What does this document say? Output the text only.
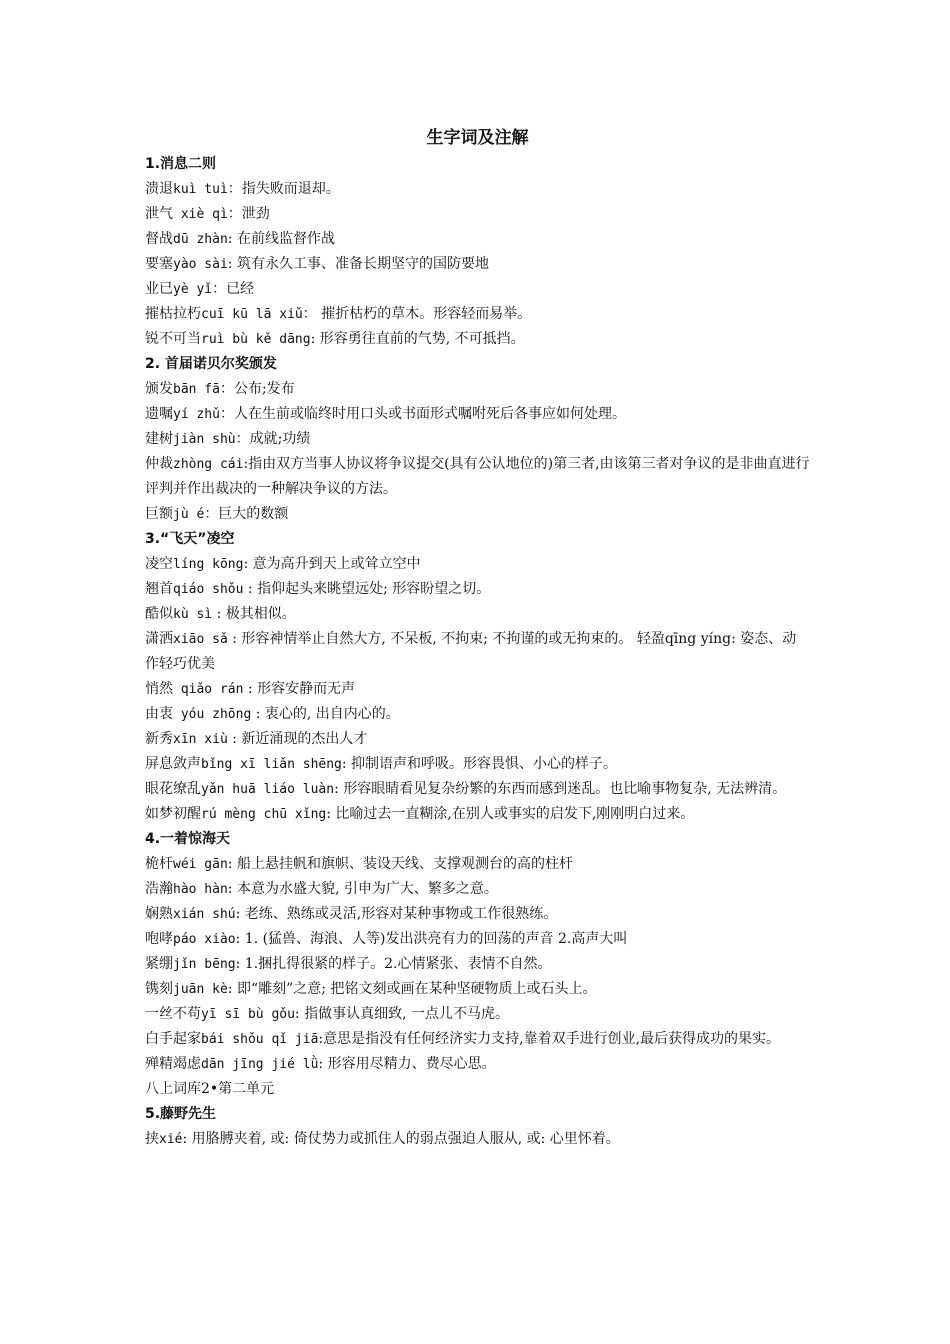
生字词及注解
1.消息二则
溃退kuì tuì：指失败而退却。
泄气 xiè qì：泄劲
督战dū zhàn: 在前线监督作战
要塞yào sài: 筑有永久工事、准备长期坚守的国防要地
业已yè yǐ：已经
摧枯拉朽cuī kū lā xiǔ： 摧折枯朽的草木。形容轻而易举。
锐不可当ruì bù kě dāng: 形容勇往直前的气势, 不可抵挡。
2. 首届诺贝尔奖颁发
颁发bān fā：公布;发布
遗嘱yí zhǔ：人在生前或临终时用口头或书面形式嘱咐死后各事应如何处理。
建树jiàn shù：成就;功绩
仲裁zhòng cái:指由双方当事人协议将争议提交(具有公认地位的)第三者,由该第三者对争议的是非曲直进行评判并作出裁决的一种解决争议的方法。
巨额jù é：巨大的数额
3.“飞天”凌空
凌空líng kōng: 意为高升到天上或耸立空中
翘首qiáo shǒu : 指仰起头来眺望远处; 形容盼望之切。
酷似kù sì : 极其相似。
潇洒xiāo sǎ : 形容神情举止自然大方, 不呆板, 不拘束; 不拘谨的或无拘束的。 轻盈qīng yíng: 姿态、动作轻巧优美
悄然 qiǎo rán : 形容安静而无声
由衷 yóu zhōng : 衷心的, 出自内心的。
新秀xīn xiù : 新近涌现的杰出人才
屏息敛声bǐng xī liǎn shēng: 抑制语声和呼吸。形容畏惧、小心的样子。
眼花缭乱yǎn huā liáo luàn: 形容眼睛看见复杂纷繁的东西而感到迷乱。也比喻事物复杂, 无法辨清。
如梦初醒rú mèng chū xǐng: 比喻过去一直糊涂,在别人或事实的启发下,刚刚明白过来。
4.一着惊海天
桅杆wéi gān: 船上悬挂帆和旗帜、装设天线、支撑观测台的高的柱杆
浩瀚hào hàn: 本意为水盛大貌, 引申为广大、繁多之意。
娴熟xián shú: 老练、熟练或灵活,形容对某种事物或工作很熟练。
咆哮páo xiào: 1. (猛兽、海浪、人等)发出洪亮有力的回荡的声音 2.高声大叫
紧绷jǐn bēng: 1.捆扎得很紧的样子。2.心情紧张、表情不自然。
镌刻juān kè: 即“雕刻”之意; 把铭文刻或画在某种坚硬物质上或石头上。
一丝不苟yī sī bù gǒu: 指做事认真细致, 一点儿不马虎。
白手起家bái shǒu qǐ jiā:意思是指没有任何经济实力支持,靠着双手进行创业,最后获得成功的果实。
殚精竭虑dān jīng jié lǜ: 形容用尽精力、费尽心思。
八上词库2•第二单元
5.藤野先生
挟xié: 用胳膊夹着, 或: 倚仗势力或抓住人的弱点强迫人服从, 或: 心里怀着。
